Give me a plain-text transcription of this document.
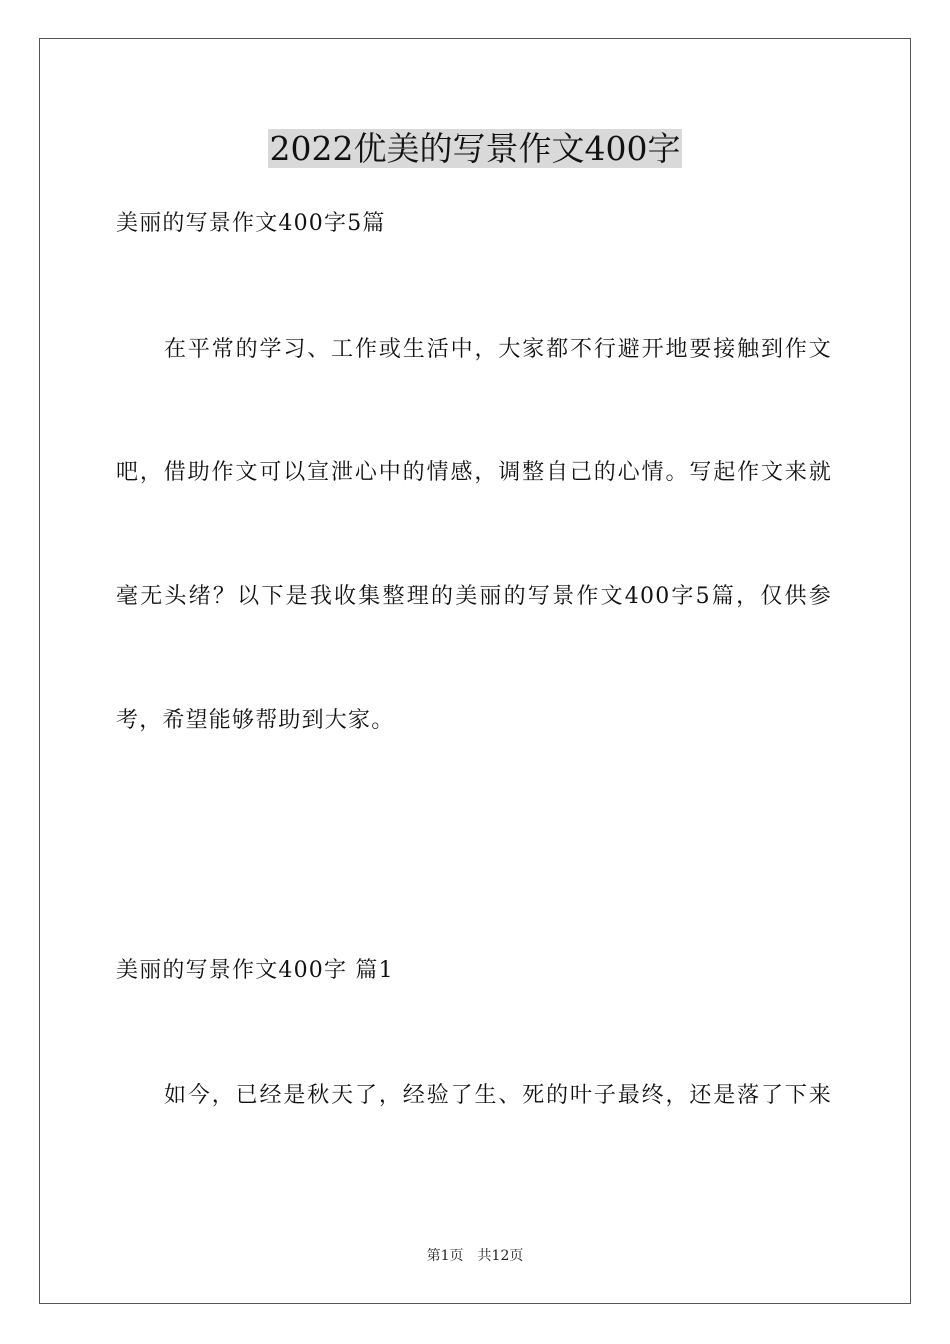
2022优美的写景作文400字
美丽的写景作文400字5篇
在平常的学习、工作或生活中，大家都不行避开地要接触到作文
吧，借助作文可以宣泄心中的情感，调整自己的心情。写起作文来就
毫无头绪？以下是我收集整理的美丽的写景作文400字5篇，仅供参
考，希望能够帮助到大家。
美丽的写景作文400字 篇1
如今，已经是秋天了，经验了生、死的叶子最终，还是落了下来
第1页 共12页
